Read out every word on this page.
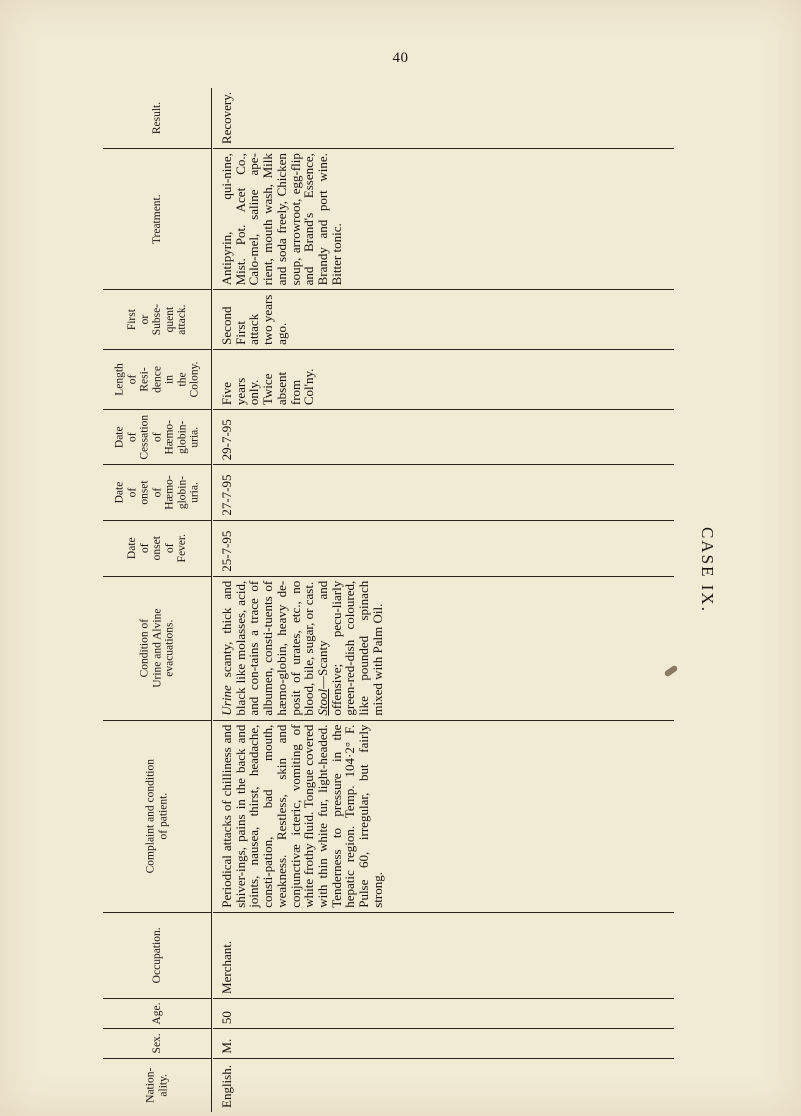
40
CASE IX.
Nation-
ality.
Sex.
Age.
Occupation.
Complaint and condition
of patient.
Condition of
Urine and Alvine
evacuations.
Date
of
onset
of
Fever.
Date
of
onset
of
Hæmo-
globin-
uria.
Date
of
Cessation
of
Hæmo-
globin-
uria.
Length
of
Resi-
dence
in
the
Colony.
First
or
Subse-
quent
attack.
Treatment.
Result.
English.
M.
50
Merchant.
Periodical attacks of chilliness and shiver-ings, pains in the back and joints, nausea, thirst, headache, consti-pation, bad mouth, weakness. Restless, skin and conjunctivæ icteric, vomiting of white frothy fluid. Tongue covered with thin white fur, light-headed. Tenderness to pressure in the hepatic region. Temp. 104·2° F. Pulse 60, irregular, but fairly strong.
Urine scanty, thick and black like molasses, acid, and con-tains a trace of albumen, consti-tuents of hæmo-globin, heavy de-posit of urates, etc., no blood, bile, sugar, or cast.
Stool—Scanty and offensive; pecu-liarly green-red-dish coloured, like pounded spinach mixed with Palm Oil.
25-7-95
27-7-95
29-7-95
Five years only. Twice absent from Col'ny.
Second First attack two years ago.
Antipyrin, qui-nine, Mist. Pot. Acet Co., Calo-mel, saline ape-rient, mouth wash, Milk and soda freely, Chicken soup, arrowroot, egg-flip and Brand's Essence, Brandy and port wine. Bitter tonic.
Recovery.
